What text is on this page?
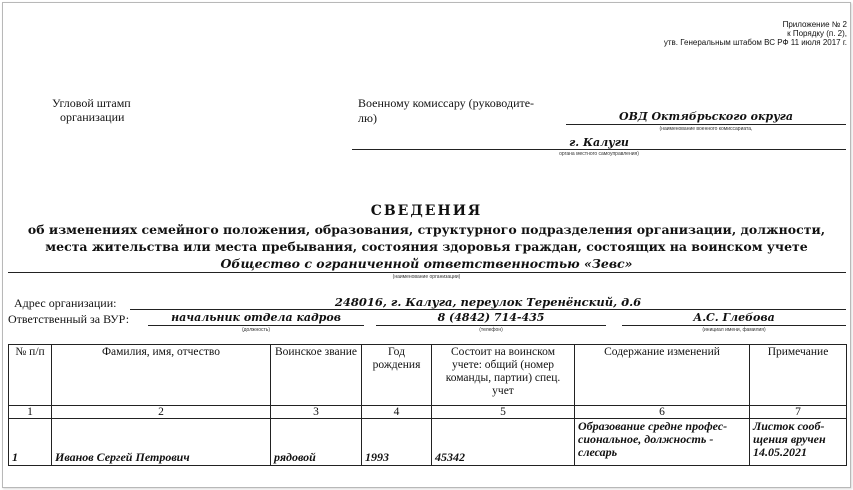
Приложение № 2
к Порядку (п. 2),
утв. Генеральным штабом ВС РФ 11 июля 2017 г.
Угловой штамп
организации
Военному комиссару (руководите-
лю)	ОВД Октябрьского округа
(наименование военного комиссариата,
г. Калуги
органа местного самоуправления)
СВЕДЕНИЯ
об изменениях семейного положения, образования, структурного подразделения организации, должности,
места жительства или места пребывания, состояния здоровья граждан, состоящих на воинском учете
Общество с ограниченной ответственностью «Зевс»
(наименование организации)
Адрес организации:	248016, г. Калуга, переулок Теренёнский, д.6
Ответственный за ВУР:	начальник отдела кадров
(должность)
8 (4842) 714-435
(телефон)
А.С. Глебова
(инициал имени, фамилия)
№ п/п	Фамилия, имя, отчество	Воинское звание	Год рождения	Состоит на воинском учете: общий (номер команды, партии) спец. учет	Содержание изменений	Примечание
1	2	3	4	5	6	7
1	Иванов Сергей Петрович	рядовой	1993	45342	Образование средне профес- сиональное, должность - слесарь	Листок сооб- щения вручен 14.05.2021
